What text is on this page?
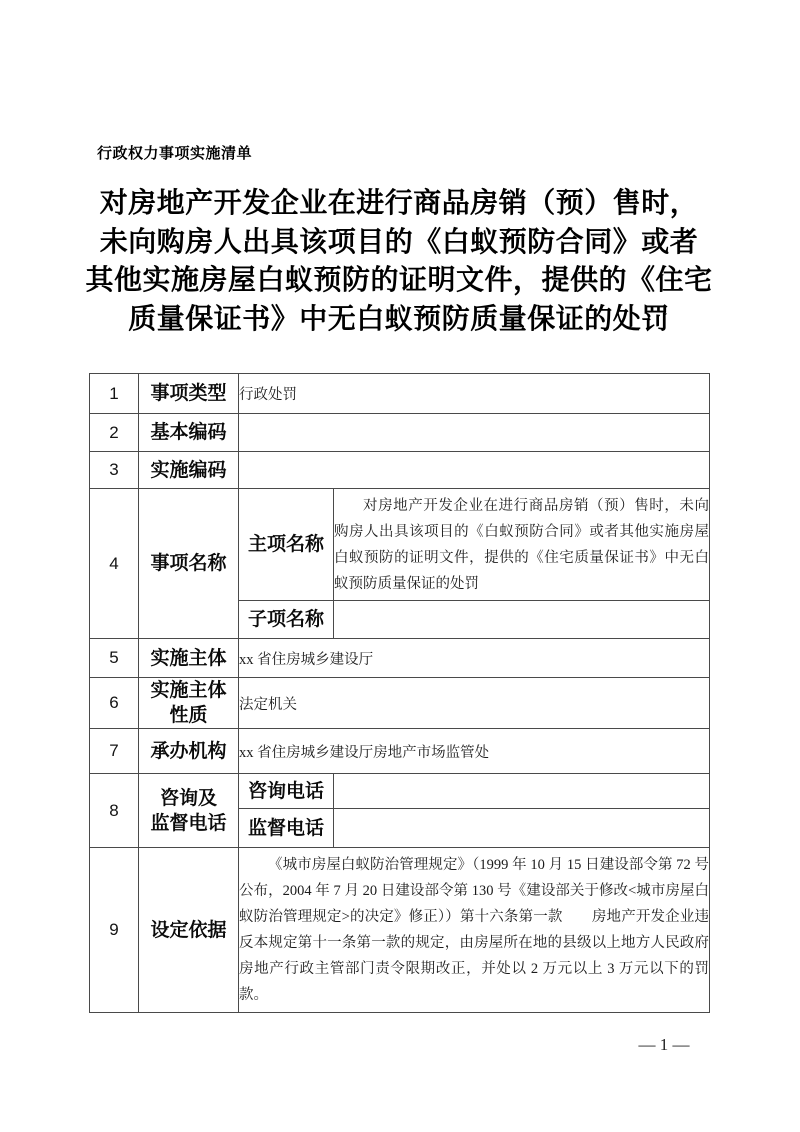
行政权力事项实施清单
对房地产开发企业在进行商品房销（预）售时，
未向购房人出具该项目的《白蚁预防合同》或者
其他实施房屋白蚁预防的证明文件，提供的《住宅
质量保证书》中无白蚁预防质量保证的处罚
1	事项类型	行政处罚	
2	基本编码		
3	实施编码		
4	事项名称	主项名称	对房地产开发企业在进行商品房销（预）售时，未向购房人出具该项目的《白蚁预防合同》或者其他实施房屋白蚁预防的证明文件，提供的《住宅质量保证书》中无白蚁预防质量保证的处罚
		子项名称	
5	实施主体	xx 省住房城乡建设厅	
6	实施主体
性质	法定机关	
7	承办机构	xx 省住房城乡建设厅房地产市场监管处	
8	咨询及
监督电话	咨询电话	
		监督电话	
9	设定依据	《城市房屋白蚁防治管理规定》（1999 年 10 月 15 日建设部令第 72 号公布，2004 年 7 月 20 日建设部令第 130 号《建设部关于修改<城市房屋白蚁防治管理规定>的决定》修正））第十六条第一款　　房地产开发企业违反本规定第十一条第一款的规定，由房屋所在地的县级以上地方人民政府房地产行政主管部门责令限期改正，并处以 2 万元以上 3 万元以下的罚款。	
— 1 —
